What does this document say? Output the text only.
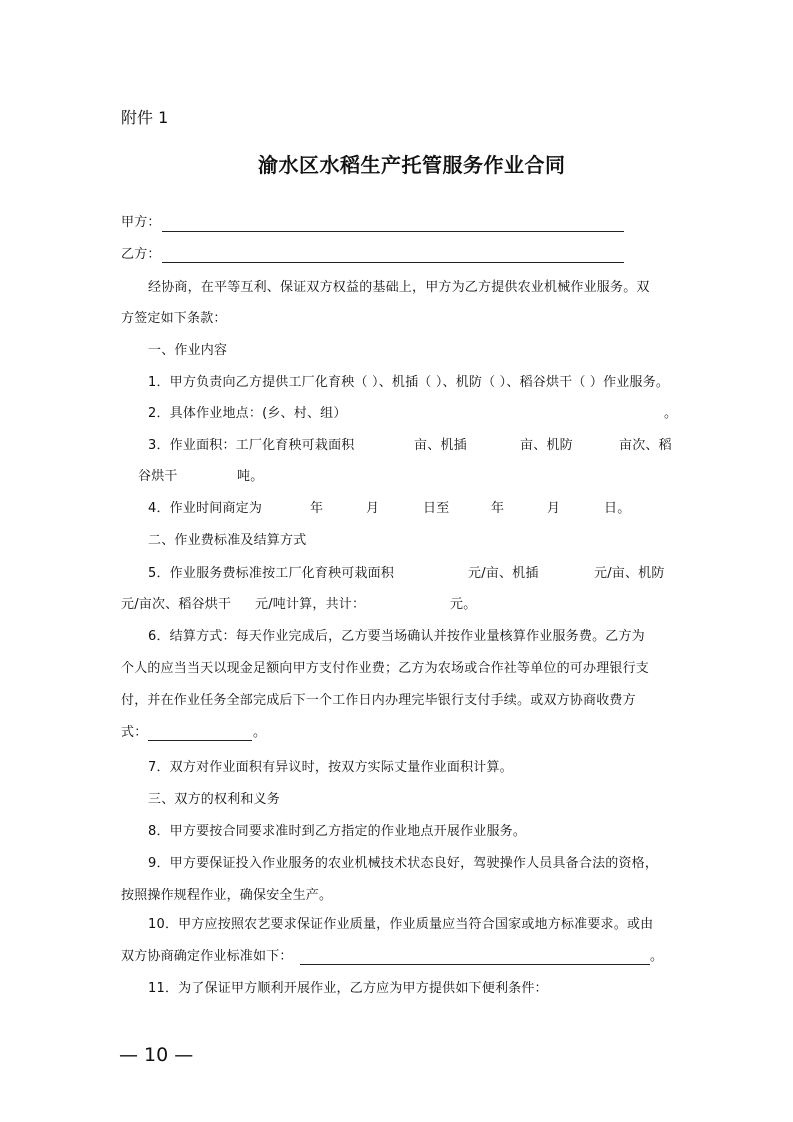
附件 1
渝水区水稻生产托管服务作业合同
甲方：
乙方：
经协商，在平等互利、保证双方权益的基础上，甲方为乙方提供农业机械作业服务。双
方签定如下条款：
一、作业内容
1．甲方负责向乙方提供工厂化育秧（ ）、机插（ ）、机防（ ）、稻谷烘干（ ）作业服务。
2．具体作业地点：(乡、村、组）	。
3．作业面积：工厂化育秧可栽面积	亩、机插	亩、机防	亩次、稻
谷烘干	吨。
4．作业时间商定为	年	月	日至	年	月	日。
二、作业费标准及结算方式
5．作业服务费标准按工厂化育秧可栽面积	元/亩、机插	元/亩、机防
元/亩次、稻谷烘干 元/吨计算，共计：	元。
6．结算方式：每天作业完成后，乙方要当场确认并按作业量核算作业服务费。乙方为
个人的应当当天以现金足额向甲方支付作业费；乙方为农场或合作社等单位的可办理银行支
付，并在作业任务全部完成后下一个工作日内办理完毕银行支付手续。或双方协商收费方
式：	。
7．双方对作业面积有异议时，按双方实际丈量作业面积计算。
三、双方的权利和义务
8．甲方要按合同要求准时到乙方指定的作业地点开展作业服务。
9．甲方要保证投入作业服务的农业机械技术状态良好，驾驶操作人员具备合法的资格，
按照操作规程作业，确保安全生产。
10．甲方应按照农艺要求保证作业质量，作业质量应当符合国家或地方标准要求。或由
双方协商确定作业标准如下：	。
11．为了保证甲方顺利开展作业，乙方应为甲方提供如下便利条件：
— 10 —
